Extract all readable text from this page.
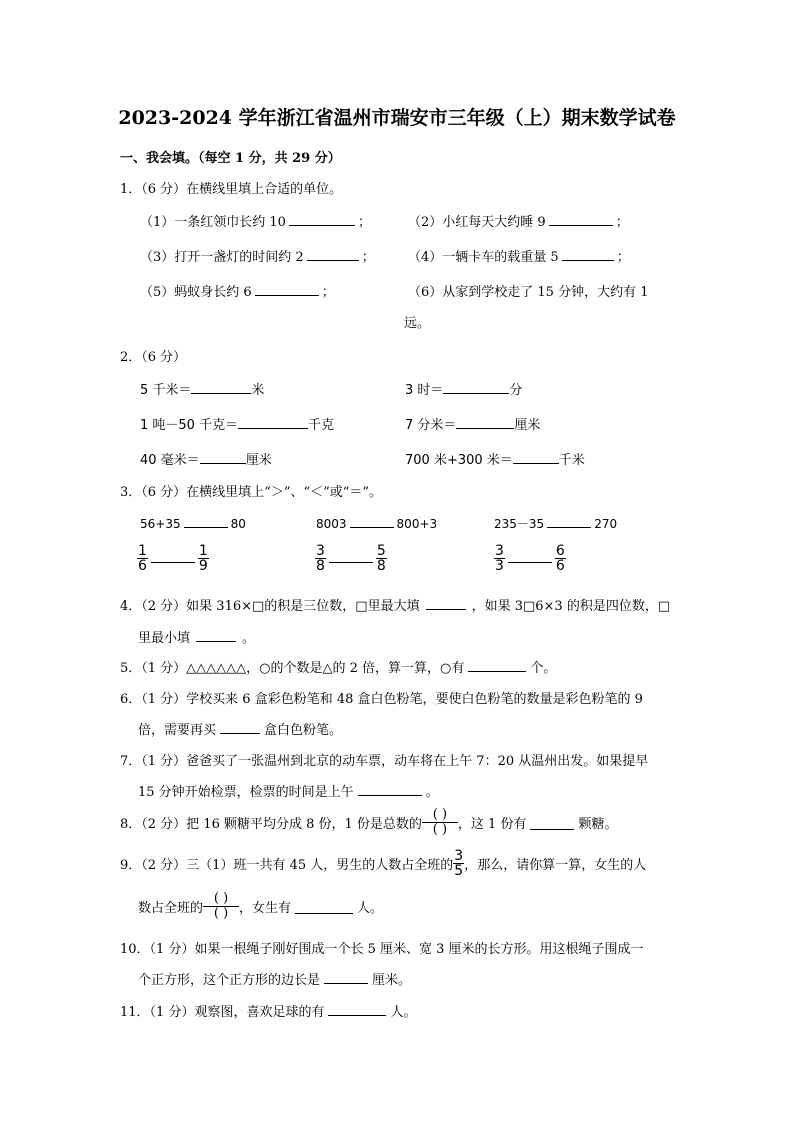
2023-2024 学年浙江省温州市瑞安市三年级（上）期末数学试卷
一、我会填。（每空 1 分，共 29 分）
1．（6 分）在横线里填上合适的单位。
（1）一条红领巾长约 10	；	（2）小红每天大约睡 9	；
（3）打开一盏灯的时间约 2	；	（4）一辆卡车的载重量 5	；
（5）蚂蚁身长约 6	；	（6）从家到学校走了 15 分钟，大约有 1
远。
2．（6 分）
5 千米＝	米	3 时＝	分
1 吨－50 千克＝	千克	7 分米＝	厘米
40 毫米＝	厘米	700 米+300 米＝	千米
3．（6 分）在横线里填上“＞”、“＜”或“＝”。
56+35	80	8003	800+3	235－35	270
$\frac{1}{6}$	$\frac{1}{9}$	$\frac{3}{8}$	$\frac{5}{8}$	$\frac{3}{3}$	$\frac{6}{6}$
4．（2 分）如果 316×□的积是三位数，□里最大填	，如果 3□6×3 的积是四位数，□
里最小填	。
5．（1 分）△△△△△△，○的个数是△的 2 倍，算一算，○有	个。
6．（1 分）学校买来 6 盒彩色粉笔和 48 盒白色粉笔，要使白色粉笔的数量是彩色粉笔的 9
倍，需要再买	盒白色粉笔。
7．（1 分）爸爸买了一张温州到北京的动车票，动车将在上午 7：20 从温州出发。如果提早
15 分钟开始检票，检票的时间是上午	。
8．（2 分）把 16 颗糖平均分成 8 份，1 份是总数的
( )
( ) ，这 1 份有	颗糖。
9．（2 分）三（1）班一共有 45 人，男生的人数占全班的 $\frac{3}{5}$ ，那么，请你算一算，女生的人
数占全班的
( )
( ) ，女生有	人。
10．（1 分）如果一根绳子刚好围成一个长 5 厘米、宽 3 厘米的长方形。用这根绳子围成一
个正方形，这个正方形的边长是	厘米。
11．（1 分）观察图，喜欢足球的有	人。
